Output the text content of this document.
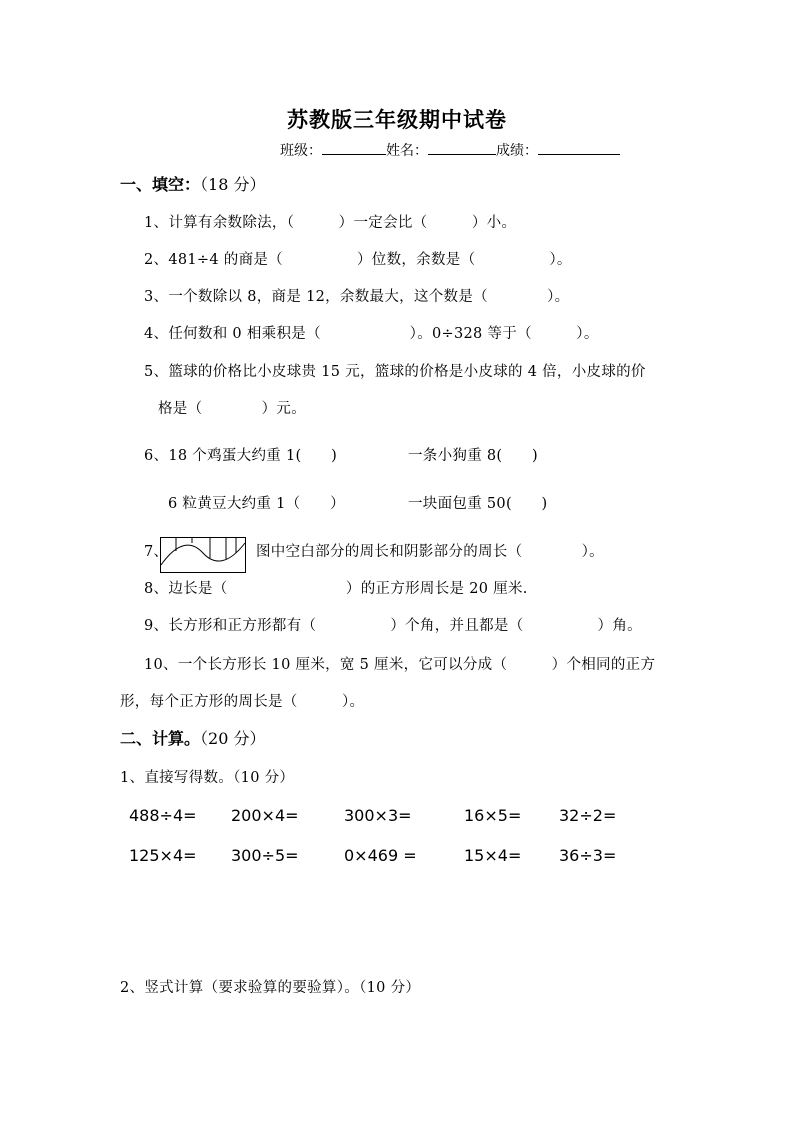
苏教版三年级期中试卷
班级：	姓名：	成绩：
一、填空：（18 分）
1、计算有余数除法，（　　　）一定会比（　　　）小。
2、481÷4 的商是（　　　　　）位数，余数是（　　　　　）。
3、一个数除以 8，商是 12，余数最大，这个数是（　　　　）。
4、任何数和 0 相乘积是（　　　　　　）。0÷328 等于（　　　）。
5、篮球的价格比小皮球贵 15 元，篮球的价格是小皮球的 4 倍，小皮球的价
格是（　　　　）元。
6、18 个鸡蛋大约重 1(　　)	一条小狗重 8(　　)
6 粒黄豆大约重 1（　　）	一块面包重 50(　　)
7、	图中空白部分的周长和阴影部分的周长（　　　　）。
8、边长是（　　　　　　　　）的正方形周长是 20 厘米.
9、长方形和正方形都有（　　　　　）个角，并且都是（　　　　　）角。
10、一个长方形长 10 厘米，宽 5 厘米，它可以分成（　　　）个相同的正方
形，每个正方形的周长是（　　　）。
二、计算。（20 分）
1、直接写得数。（10 分）
488÷4= 200×4=	300×3=	16×5= 32÷2=
125×4= 300÷5=	0×469 =	15×4= 36÷3=
2、竖式计算（要求验算的要验算）。（10 分）
